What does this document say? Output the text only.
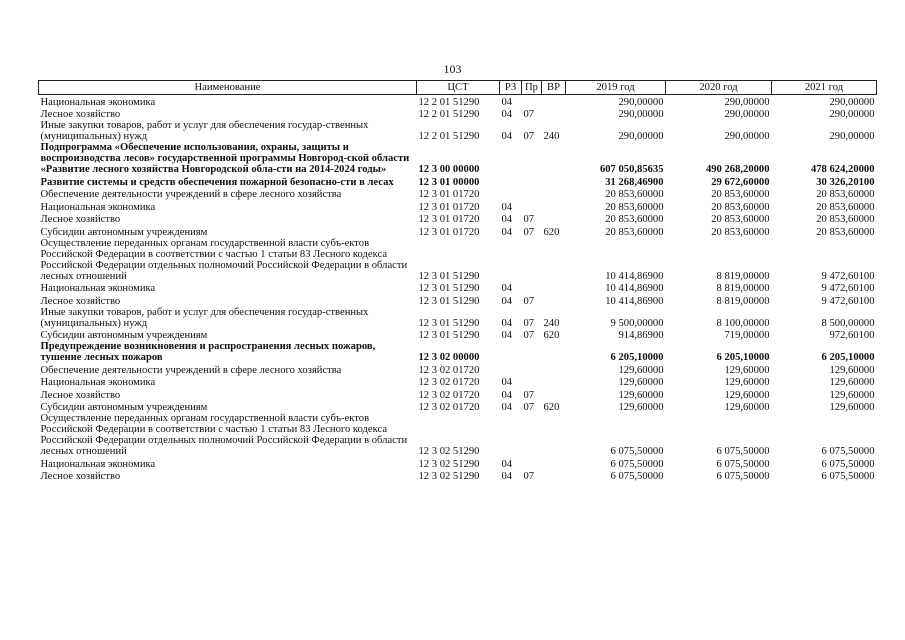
103
Наименование	ЦСТ	РЗ	Пр	ВР	2019 год	2020 год	2021 год
Национальная экономика	12 2 01 51290	04			290,00000	290,00000	290,00000
Лесное хозяйство	12 2 01 51290	04	07		290,00000	290,00000	290,00000
Иные закупки товаров, работ и услуг для обеспечения государ-ственных (муниципальных) нужд	12 2 01 51290	04	07	240	290,00000	290,00000	290,00000
Подпрограмма «Обеспечение использования, охраны, защиты и воспроизводства лесов» государственной программы Новгород-ской области «Развитие лесного хозяйства Новгородской обла-сти на 2014-2024 годы»	12 3 00 00000				607 050,85635	490 268,20000	478 624,20000
Развитие системы и средств обеспечения пожарной безопасно-сти в лесах	12 3 01 00000				31 268,46900	29 672,60000	30 326,20100
Обеспечение деятельности учреждений в сфере лесного хозяйства	12 3 01 01720				20 853,60000	20 853,60000	20 853,60000
Национальная экономика	12 3 01 01720	04			20 853,60000	20 853,60000	20 853,60000
Лесное хозяйство	12 3 01 01720	04	07		20 853,60000	20 853,60000	20 853,60000
Субсидии автономным учреждениям	12 3 01 01720	04	07	620	20 853,60000	20 853,60000	20 853,60000
Осуществление переданных органам государственной власти субъ-ектов Российской Федерации в соответствии с частью 1 статьи 83 Лесного кодекса Российской Федерации отдельных полномочий Российской Федерации в области лесных отношений	12 3 01 51290				10 414,86900	8 819,00000	9 472,60100
Национальная экономика	12 3 01 51290	04			10 414,86900	8 819,00000	9 472,60100
Лесное хозяйство	12 3 01 51290	04	07		10 414,86900	8 819,00000	9 472,60100
Иные закупки товаров, работ и услуг для обеспечения государ-ственных (муниципальных) нужд	12 3 01 51290	04	07	240	9 500,00000	8 100,00000	8 500,00000
Субсидии автономным учреждениям	12 3 01 51290	04	07	620	914,86900	719,00000	972,60100
Предупреждение возникновения и распространения лесных пожаров, тушение лесных пожаров	12 3 02 00000				6 205,10000	6 205,10000	6 205,10000
Обеспечение деятельности учреждений в сфере лесного хозяйства	12 3 02 01720				129,60000	129,60000	129,60000
Национальная экономика	12 3 02 01720	04			129,60000	129,60000	129,60000
Лесное хозяйство	12 3 02 01720	04	07		129,60000	129,60000	129,60000
Субсидии автономным учреждениям	12 3 02 01720	04	07	620	129,60000	129,60000	129,60000
Осуществление переданных органам государственной власти субъ-ектов Российской Федерации в соответствии с частью 1 статьи 83 Лесного кодекса Российской Федерации отдельных полномочий Российской Федерации в области лесных отношений	12 3 02 51290				6 075,50000	6 075,50000	6 075,50000
Национальная экономика	12 3 02 51290	04			6 075,50000	6 075,50000	6 075,50000
Лесное хозяйство	12 3 02 51290	04	07		6 075,50000	6 075,50000	6 075,50000
